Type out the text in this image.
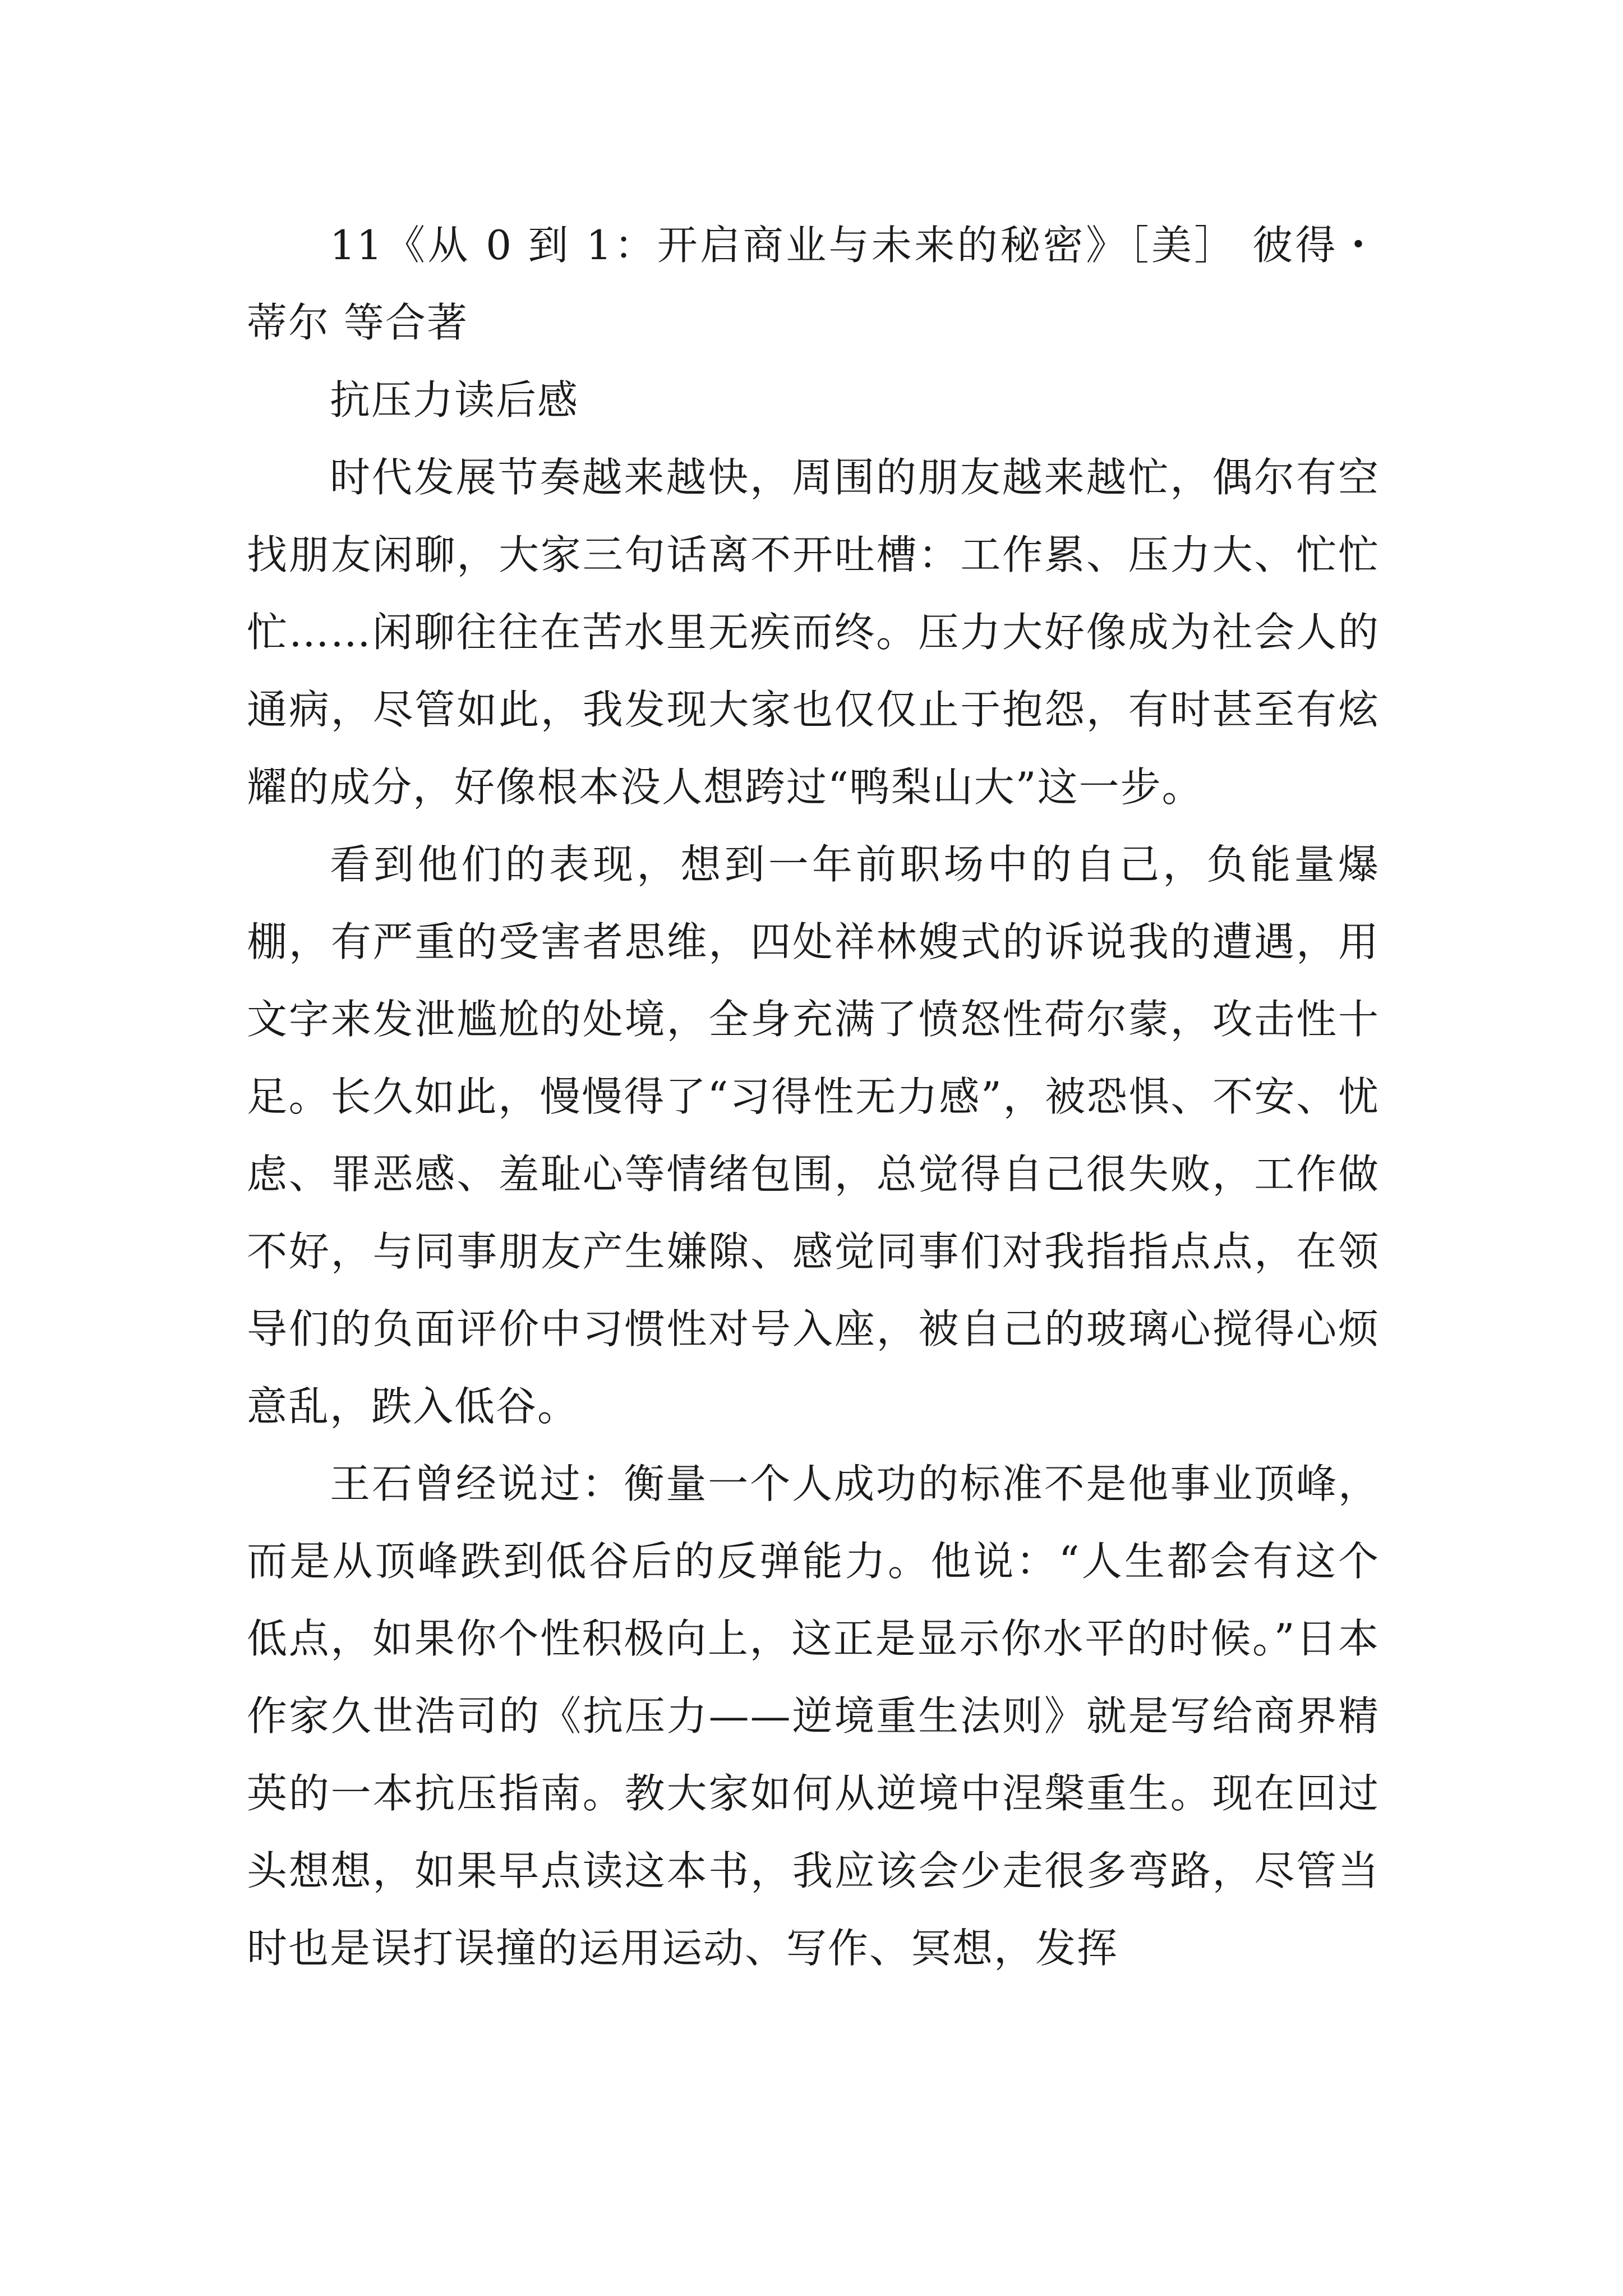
11《从 0 到 1：开启商业与未来的秘密》［美］ 彼得・蒂尔 等合著

抗压力读后感

时代发展节奏越来越快，周围的朋友越来越忙，偶尔有空找朋友闲聊，大家三句话离不开吐槽：工作累、压力大、忙忙忙……闲聊往往在苦水里无疾而终。压力大好像成为社会人的通病，尽管如此，我发现大家也仅仅止于抱怨，有时甚至有炫耀的成分，好像根本没人想跨过“鸭梨山大”这一步。

看到他们的表现，想到一年前职场中的自己，负能量爆棚，有严重的受害者思维，四处祥林嫂式的诉说我的遭遇，用文字来发泄尴尬的处境，全身充满了愤怒性荷尔蒙，攻击性十足。长久如此，慢慢得了“习得性无力感”，被恐惧、不安、忧虑、罪恶感、羞耻心等情绪包围，总觉得自己很失败，工作做不好，与同事朋友产生嫌隙、感觉同事们对我指指点点，在领导们的负面评价中习惯性对号入座，被自己的玻璃心搅得心烦意乱，跌入低谷。

王石曾经说过：衡量一个人成功的标准不是他事业顶峰，而是从顶峰跌到低谷后的反弹能力。他说：“人生都会有这个低点，如果你个性积极向上，这正是显示你水平的时候。”日本作家久世浩司的《抗压力——逆境重生法则》就是写给商界精英的一本抗压指南。教大家如何从逆境中涅槃重生。现在回过头想想，如果早点读这本书，我应该会少走很多弯路，尽管当时也是误打误撞的运用运动、写作、冥想，发挥
